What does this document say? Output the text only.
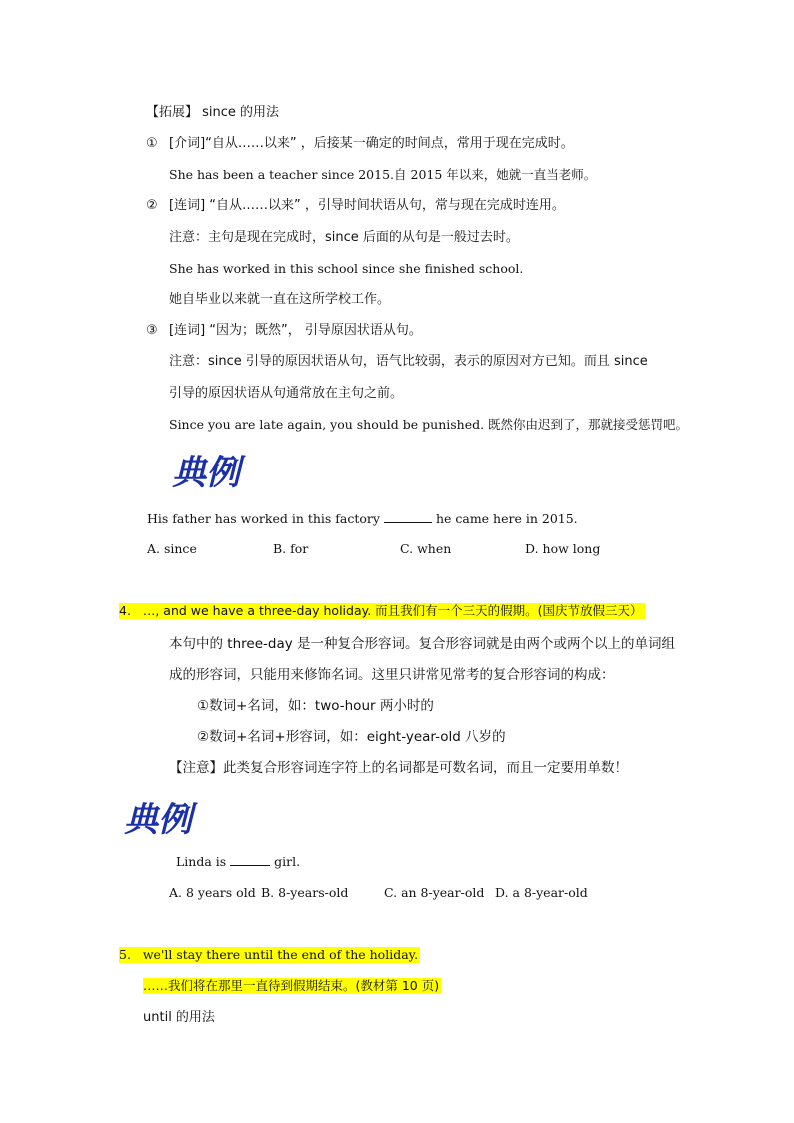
【拓展】 since 的用法
① [介词]“自从……以来” ，后接某一确定的时间点，常用于现在完成时。
She has been a teacher since 2015.自 2015 年以来，她就一直当老师。
② [连词] “自从……以来” ，引导时间状语从句，常与现在完成时连用。
注意：主句是现在完成时，since 后面的从句是一般过去时。
She has worked in this school since she finished school.
她自毕业以来就一直在这所学校工作。
③ [连词] “因为；既然”， 引导原因状语从句。
注意：since 引导的原因状语从句，语气比较弱，表示的原因对方已知。而且 since
引导的原因状语从句通常放在主句之前。
Since you are late again, you should be punished. 既然你由迟到了，那就接受惩罚吧。
典例
His father has worked in this factory	he came here in 2015.
A. since	B. for	C. when	D. how long
4. …, and we have a three-day holiday. 而且我们有一个三天的假期。(国庆节放假三天）
本句中的 three-day 是一种复合形容词。复合形容词就是由两个或两个以上的单词组
成的形容词，只能用来修饰名词。这里只讲常见常考的复合形容词的构成：
①数词+名词，如：two-hour 两小时的
②数词+名词+形容词，如：eight-year-old 八岁的
【注意】此类复合形容词连字符上的名词都是可数名词，而且一定要用单数！
典例
Linda is	girl.
A. 8 years old B. 8-years-old	C. an 8-year-old D. a 8-year-old
5. we'll stay there until the end of the holiday.
……我们将在那里一直待到假期结束。(教材第 10 页)
until 的用法
